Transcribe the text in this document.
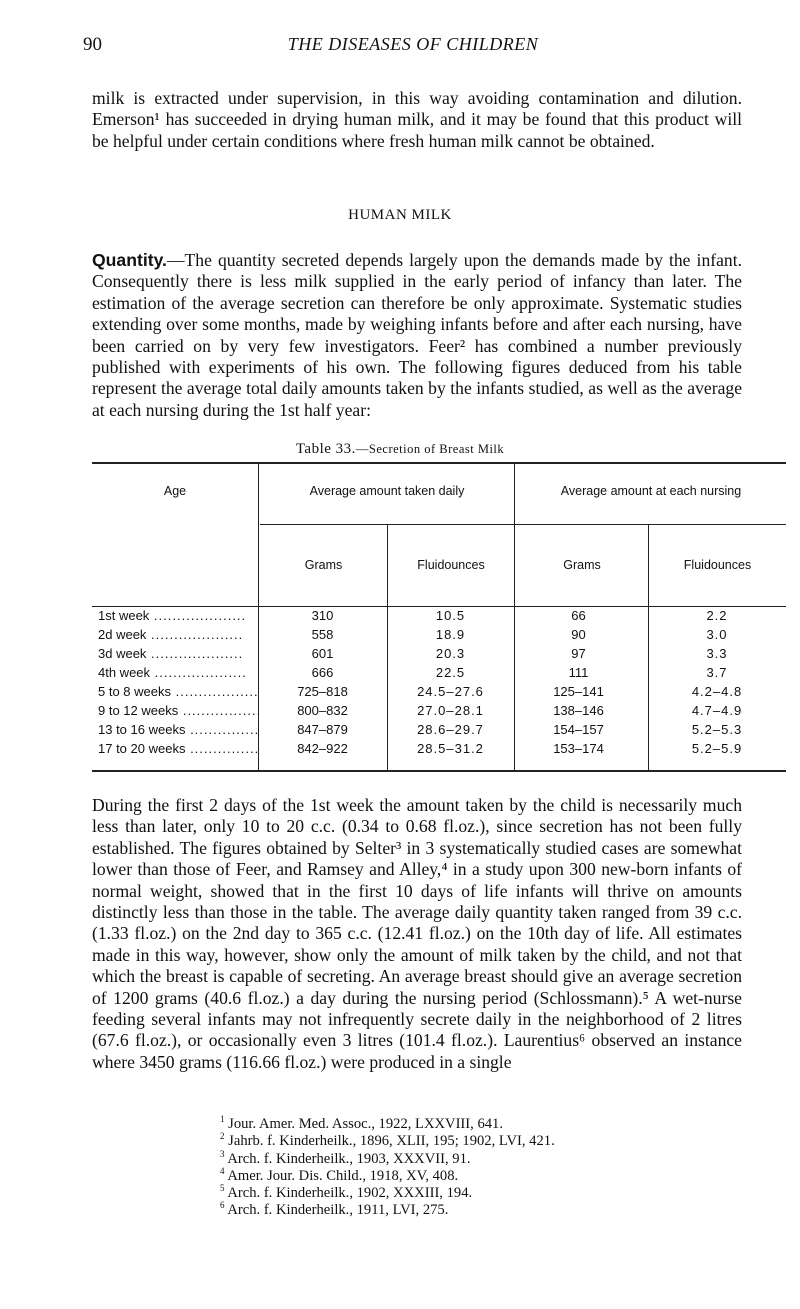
90	THE DISEASES OF CHILDREN

milk is extracted under supervision, in this way avoiding contamination and dilution. Emerson¹ has succeeded in drying human milk, and it may be found that this product will be helpful under certain conditions where fresh human milk cannot be obtained.

HUMAN MILK

Quantity.—The quantity secreted depends largely upon the demands made by the infant. Consequently there is less milk supplied in the early period of infancy than later. The estimation of the average secretion can therefore be only approximate. Systematic studies extending over some months, made by weighing infants before and after each nursing, have been carried on by very few investigators. Feer² has combined a number previously published with experiments of his own. The following figures deduced from his table represent the average total daily amounts taken by the infants studied, as well as the average at each nursing during the 1st half year:

Table 33.—Secretion of Breast Milk
Age	Average amount taken daily	Average amount at each nursing
Grams	Fluidounces	Grams	Fluidounces
1st week .....	310	10.5	66	2.2
2d week .....	558	18.9	90	3.0
3d week .....	601	20.3	97	3.3
4th week .....	666	22.5	111	3.7
5 to 8 weeks .....	725–818	24.5–27.6	125–141	4.2–4.8
9 to 12 weeks .....	800–832	27.0–28.1	138–146	4.7–4.9
13 to 16 weeks .....	847–879	28.6–29.7	154–157	5.2–5.3
17 to 20 weeks .....	842–922	28.5–31.2	153–174	5.2–5.9

During the first 2 days of the 1st week the amount taken by the child is necessarily much less than later, only 10 to 20 c.c. (0.34 to 0.68 fl.oz.), since secretion has not been fully established. The figures obtained by Selter³ in 3 systematically studied cases are somewhat lower than those of Feer, and Ramsey and Alley,⁴ in a study upon 300 new-born infants of normal weight, showed that in the first 10 days of life infants will thrive on amounts distinctly less than those in the table. The average daily quantity taken ranged from 39 c.c. (1.33 fl.oz.) on the 2nd day to 365 c.c. (12.41 fl.oz.) on the 10th day of life. All estimates made in this way, however, show only the amount of milk taken by the child, and not that which the breast is capable of secreting. An average breast should give an average secretion of 1200 grams (40.6 fl.oz.) a day during the nursing period (Schlossmann).⁵ A wet-nurse feeding several infants may not infrequently secrete daily in the neighborhood of 2 litres (67.6 fl.oz.), or occasionally even 3 litres (101.4 fl.oz.). Laurentius⁶ observed an instance where 3450 grams (116.66 fl.oz.) were produced in a single

$^1$ Jour. Amer. Med. Assoc., 1922, LXXVIII, 641.

$^2$ Jahrb. f. Kinderheilk., 1896, XLII, 195; 1902, LVI, 421.

$^3$ Arch. f. Kinderheilk., 1903, XXXVII, 91.

$^4$ Amer. Jour. Dis. Child., 1918, XV, 408.

$^5$ Arch. f. Kinderheilk., 1902, XXXIII, 194.

$^6$ Arch. f. Kinderheilk., 1911, LVI, 275.
